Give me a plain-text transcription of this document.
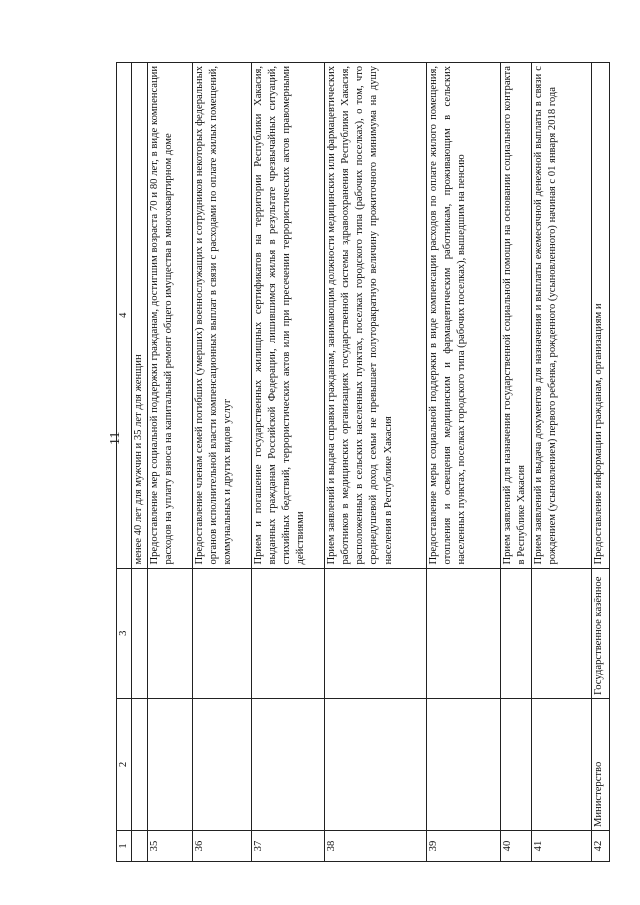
11
1	2	3	4
			менее 40 лет для мужчин и 35 лет для женщин
35			Предоставление мер социальной поддержки гражданам, достигшим возраста 70 и 80 лет, в виде компенсации расходов на уплату взноса на капитальный ремонт общего имущества в многоквартирном доме
36			Предоставление членам семей погибших (умерших) военнослужащих и сотрудников некоторых федеральных органов исполнительной власти компенсационных выплат в связи с расходами по оплате жилых помещений, коммунальных и других видов услуг
37			Прием и погашение государственных жилищных сертификатов на территории Республики Хакасия, выданных гражданам Российской Федерации, лишившимся жилья в результате чрезвычайных ситуаций, стихийных бедствий, террористических актов или при пресечении террористических актов правомерными действиями
38			Прием заявлений и выдача справки гражданам, занимающим должности медицинских или фармацевтических работников в медицинских организациях государственной системы здравоохранения Республики Хакасия, расположенных в сельских населенных пунктах, поселках городского типа (рабочих поселках), о том, что среднедушевой доход семьи не превышает полуторакратную величину прожиточного минимума на душу населения в Республике Хакасия
39			Предоставление меры социальной поддержки в виде компенсации расходов по оплате жилого помещения, отопления и освещения медицинским и фармацевтическим работникам, проживающим в сельских населенных пунктах, поселках городского типа (рабочих поселках), вышедшим на пенсию
40			Прием заявлений для назначения государственной социальной помощи на основании социального контракта в Республике Хакасия
41			Прием заявлений и выдача документов для назначения и выплаты ежемесячной денежной выплаты в связи с рождением (усыновлением) первого ребенка, рожденного (усыновленного) начиная с 01 января 2018 года
42	Министерство	Государственное казённое	Предоставление информации гражданам, организациям и
